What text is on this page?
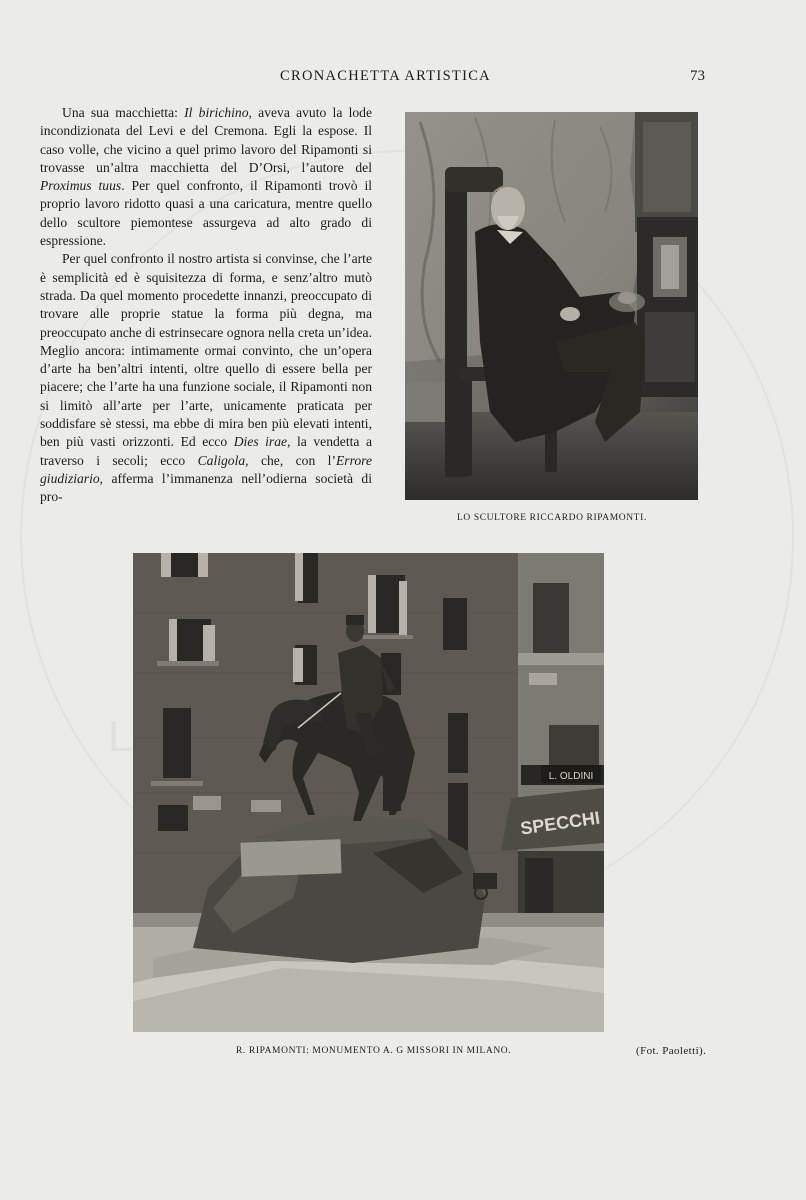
CRONACHETTA ARTISTICA	73

Una sua macchietta: Il birichino, aveva avuto la lode incondizionata del Levi e del Cremona. Egli la espose. Il caso volle, che vicino a quel primo lavoro del Ripamonti si trovasse un’altra macchietta del D’Orsi, l’autore del Proximus tuus. Per quel confronto, il Ripamonti trovò il proprio lavoro ridotto quasi a una caricatura, mentre quello dello scultore piemontese assurgeva ad alto grado di espressione.

Per quel confronto il nostro artista si convinse, che l’arte è semplicità ed è squisitezza di forma, e senz’altro mutò strada. Da quel momento procedette innanzi, preoccupato di trovare alle proprie statue la forma più degna, ma preoccupato anche di estrinsecare ognora nella creta un’idea. Meglio ancora: intimamente ormai convinto, che un’opera d’arte ha ben’altri intenti, oltre quello di essere bella per piacere; che l’arte ha una funzione sociale, il Ripamonti non si limitò all’arte per l’arte, unicamente praticata per soddisfare sè stessi, ma ebbe di mira ben più elevati intenti, ben più vasti orizzonti. Ed ecco Dies irae, la vendetta a traverso i secoli; ecco Caligola, che, con l’Errore giudiziario, afferma l’immanenza nell’odierna società di pro-

LO SCULTORE RICCARDO RIPAMONTI.
L. OLDINI
SPECCHI
R. RIPAMONTI: MONUMENTO A. G MISSORI IN MILANO.	(Fot. Paoletti).
